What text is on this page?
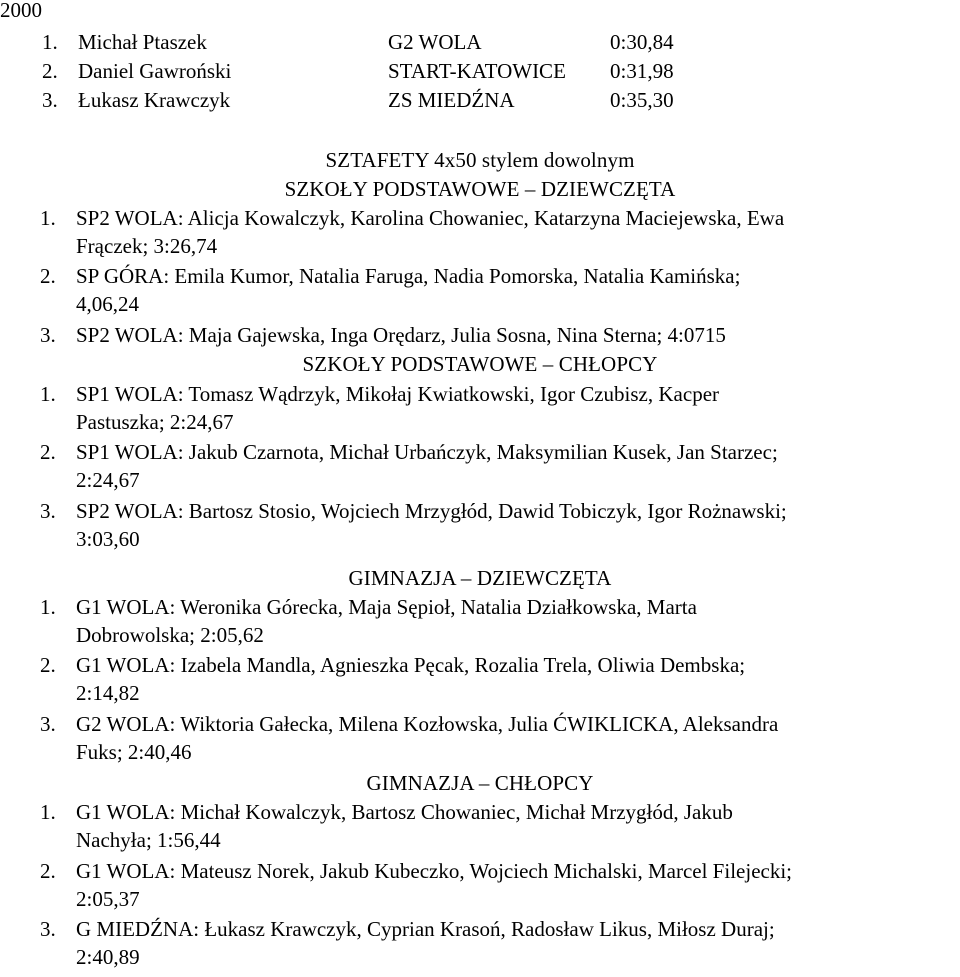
2000
1. Michał Ptaszek	G2 WOLA	0:30,84
2. Daniel Gawroński	START-KATOWICE 0:31,98
3. Łukasz Krawczyk	ZS MIEDŹNA	0:35,30
SZTAFETY 4x50 stylem dowolnym
SZKOŁY PODSTAWOWE – DZIEWCZĘTA
1. SP2 WOLA: Alicja Kowalczyk, Karolina Chowaniec, Katarzyna Maciejewska, Ewa
Frączek; 3:26,74
2. SP GÓRA: Emila Kumor, Natalia Faruga, Nadia Pomorska, Natalia Kamińska;
4,06,24
3. SP2 WOLA: Maja Gajewska, Inga Orędarz, Julia Sosna, Nina Sterna; 4:0715
SZKOŁY PODSTAWOWE – CHŁOPCY
1. SP1 WOLA: Tomasz Wądrzyk, Mikołaj Kwiatkowski, Igor Czubisz, Kacper
Pastuszka; 2:24,67
2. SP1 WOLA: Jakub Czarnota, Michał Urbańczyk, Maksymilian Kusek, Jan Starzec;
2:24,67
3. SP2 WOLA: Bartosz Stosio, Wojciech Mrzygłód, Dawid Tobiczyk, Igor Rożnawski;
3:03,60
GIMNAZJA – DZIEWCZĘTA
1. G1 WOLA: Weronika Górecka, Maja Sępioł, Natalia Działkowska, Marta
Dobrowolska; 2:05,62
2. G1 WOLA: Izabela Mandla, Agnieszka Pęcak, Rozalia Trela, Oliwia Dembska;
2:14,82
3. G2 WOLA: Wiktoria Gałecka, Milena Kozłowska, Julia ĆWIKLICKA, Aleksandra
Fuks; 2:40,46
GIMNAZJA – CHŁOPCY
1. G1 WOLA: Michał Kowalczyk, Bartosz Chowaniec, Michał Mrzygłód, Jakub
Nachyła; 1:56,44
2. G1 WOLA: Mateusz Norek, Jakub Kubeczko, Wojciech Michalski, Marcel Filejecki;
2:05,37
3. G MIEDŹNA: Łukasz Krawczyk, Cyprian Krasoń, Radosław Likus, Miłosz Duraj;
2:40,89
